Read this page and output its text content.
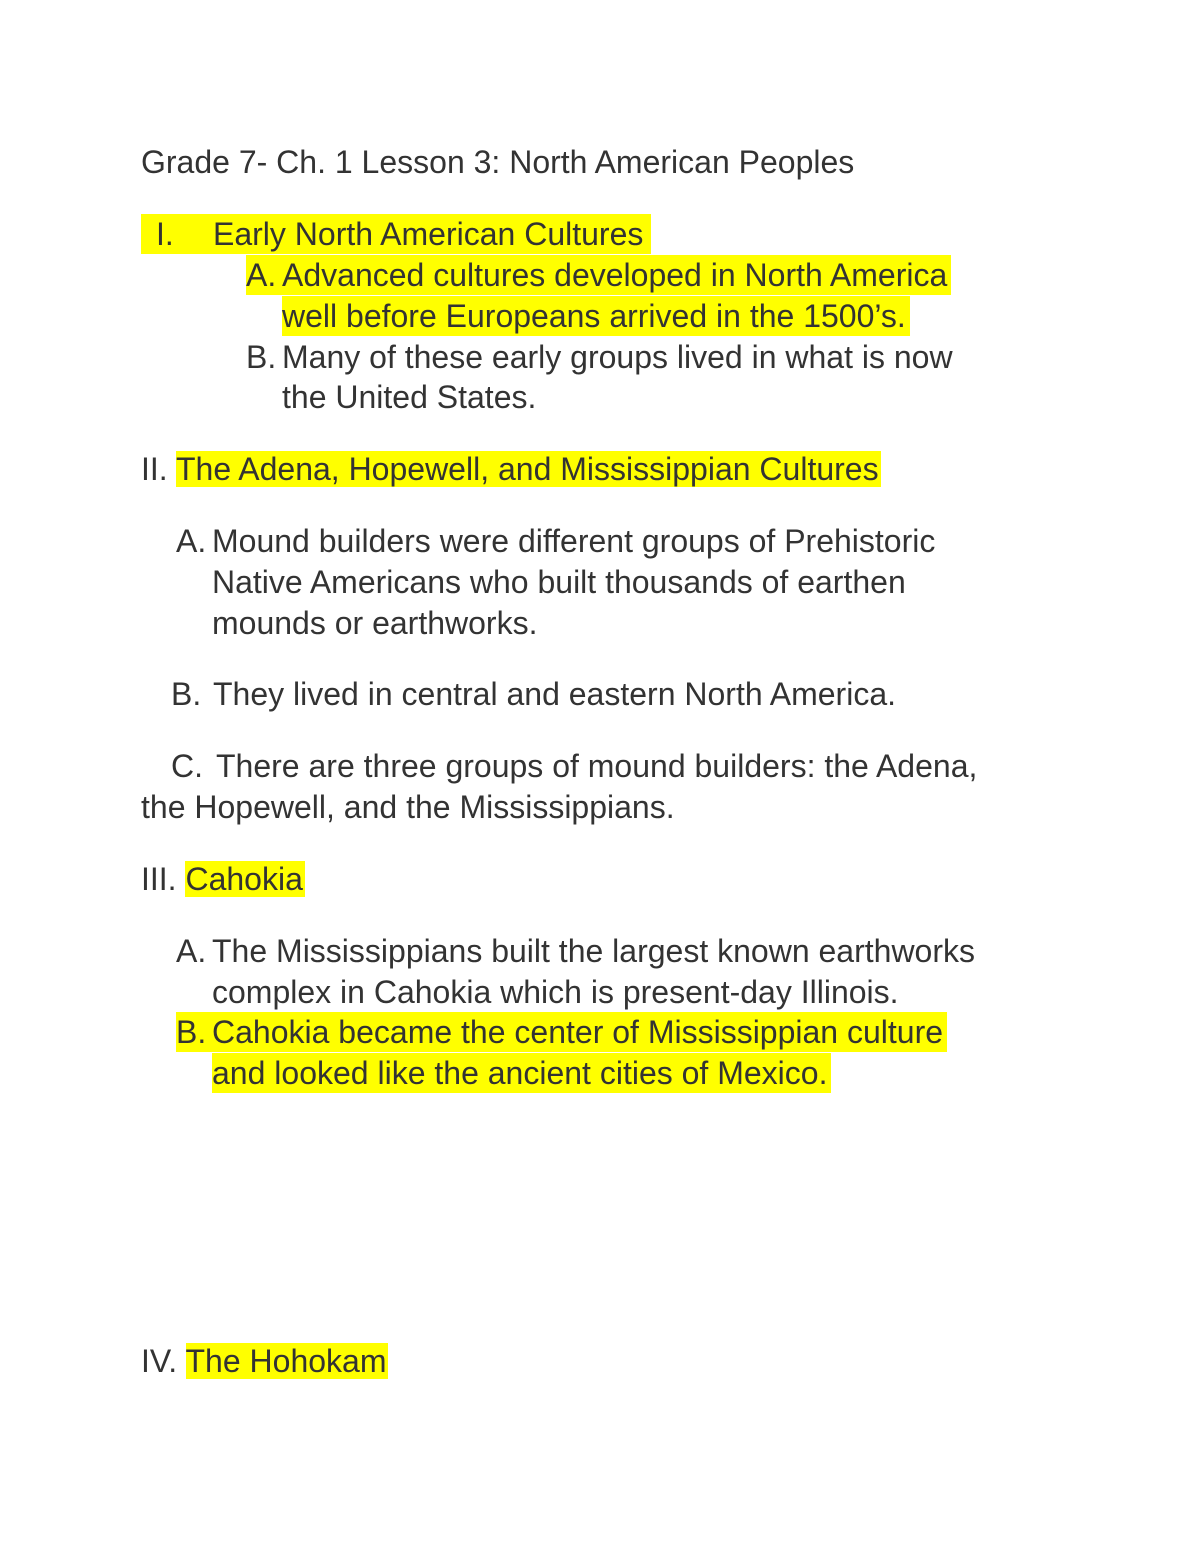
Grade 7- Ch. 1 Lesson 3: North American Peoples
I. Early North American Cultures
A. Advanced cultures developed in North America
well before Europeans arrived in the 1500’s.
B. Many of these early groups lived in what is now
the United States.
II. The Adena, Hopewell, and Mississippian Cultures
A. Mound builders were different groups of Prehistoric
Native Americans who built thousands of earthen
mounds or earthworks.
B. They lived in central and eastern North America.
C. There are three groups of mound builders: the Adena,
the Hopewell, and the Mississippians.
III. Cahokia
A. The Mississippians built the largest known earthworks
complex in Cahokia which is present-day Illinois.
B. Cahokia became the center of Mississippian culture
and looked like the ancient cities of Mexico.
IV. The Hohokam
